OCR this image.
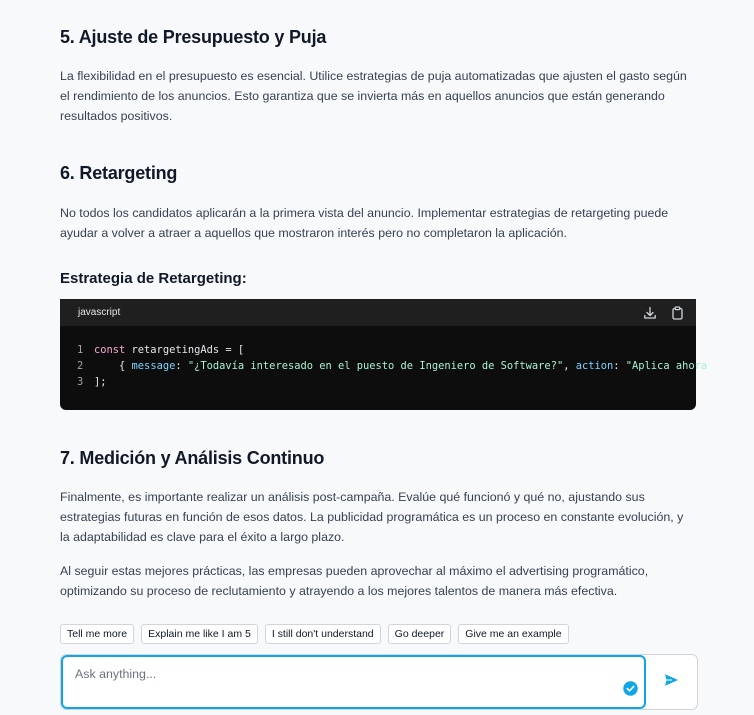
5. Ajuste de Presupuesto y Puja

La flexibilidad en el presupuesto es esencial. Utilice estrategias de puja automatizadas que ajusten el gasto según el rendimiento de los anuncios. Esto garantiza que se invierta más en aquellos anuncios que están generando resultados positivos.

6. Retargeting

No todos los candidatos aplicarán a la primera vista del anuncio. Implementar estrategias de retargeting puede ayudar a volver a atraer a aquellos que mostraron interés pero no completaron la aplicación.

Estrategia de Retargeting:
javascript
1 const retargetingAds = [
2    { message: "¿Todavía interesado en el puesto de Ingeniero de Software?", action: "Aplica ahora
3 ];
7. Medición y Análisis Continuo

Finalmente, es importante realizar un análisis post-campaña. Evalúe qué funcionó y qué no, ajustando sus estrategias futuras en función de esos datos. La publicidad programática es un proceso en constante evolución, y la adaptabilidad es clave para el éxito a largo plazo.

Al seguir estas mejores prácticas, las empresas pueden aprovechar al máximo el advertising programático, optimizando su proceso de reclutamiento y atrayendo a los mejores talentos de manera más efectiva.

Tell me more	Explain me like I am 5	I still don't understand	Go deeper	Give me an example
Ask anything...
